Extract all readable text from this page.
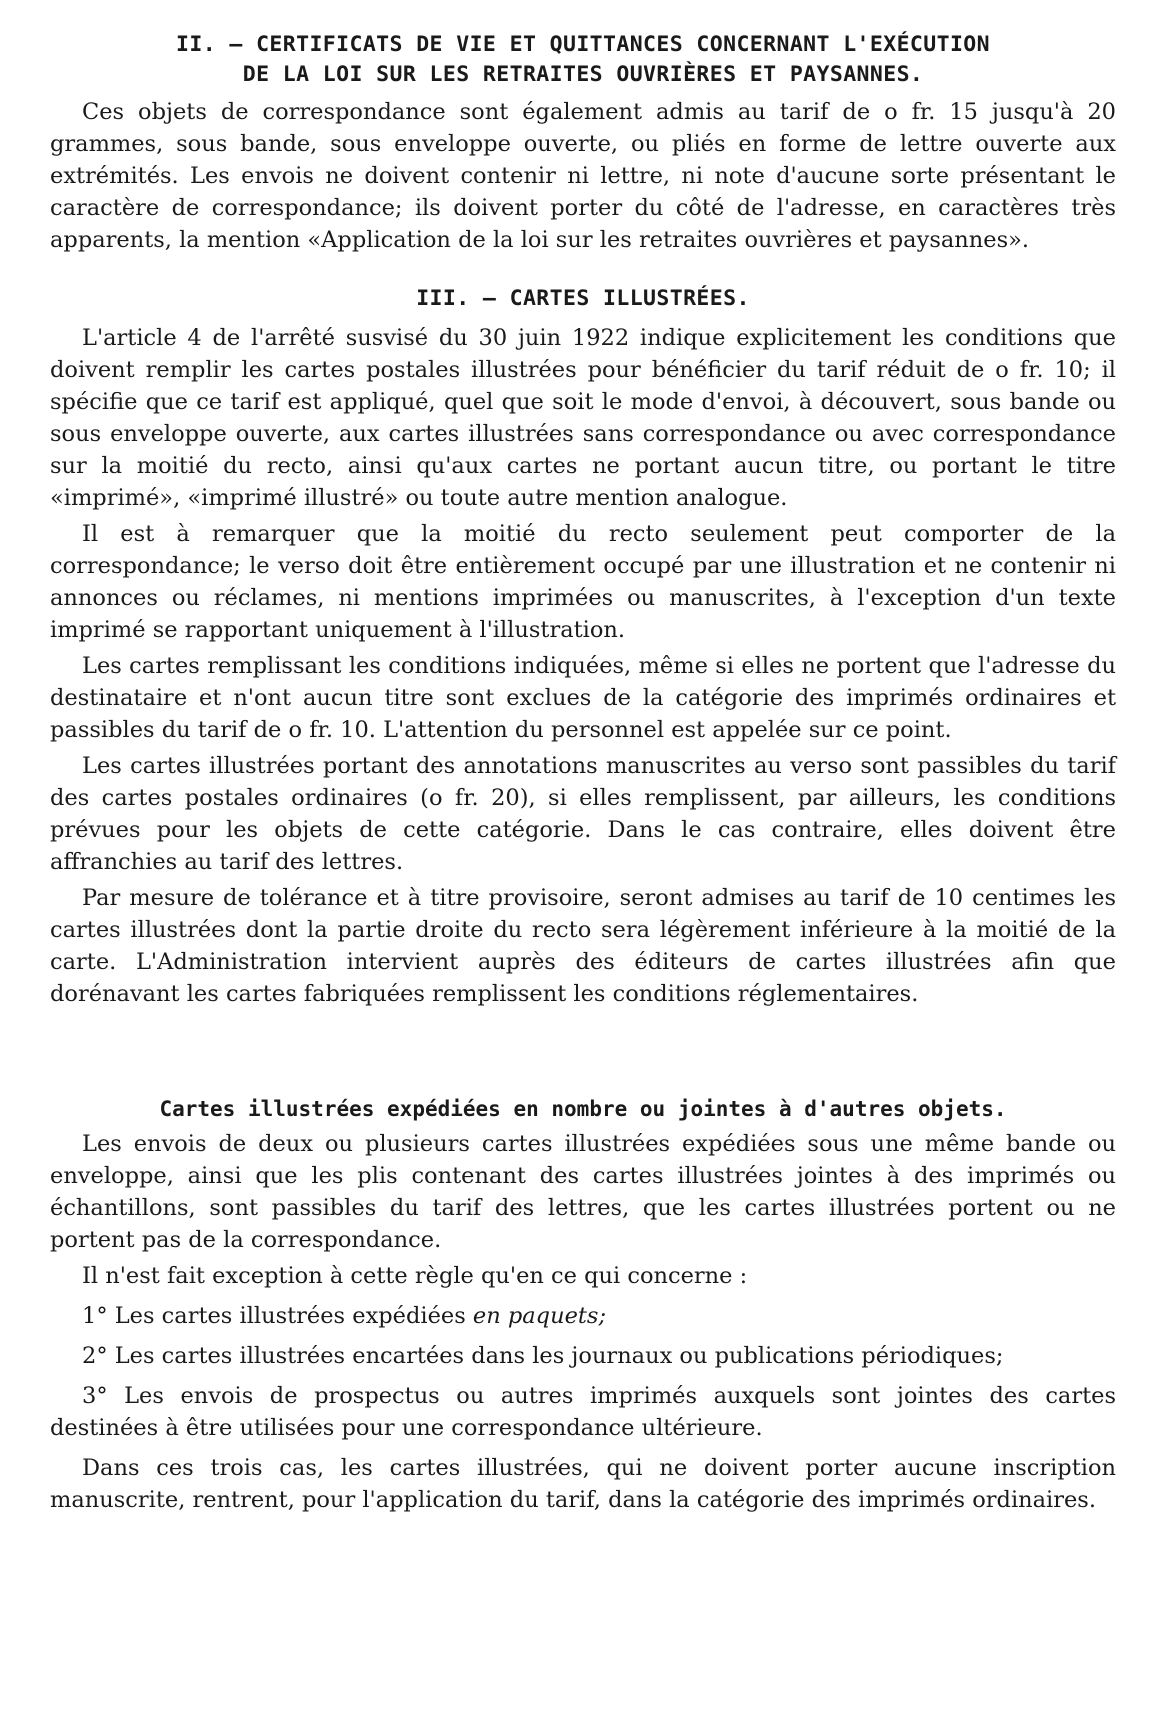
II. — CERTIFICATS DE VIE ET QUITTANCES CONCERNANT L'EXÉCUTION
DE LA LOI SUR LES RETRAITES OUVRIÈRES ET PAYSANNES.

Ces objets de correspondance sont également admis au tarif de o fr. 15 jusqu'à 20 grammes, sous bande, sous enveloppe ouverte, ou pliés en forme de lettre ouverte aux extrémités. Les envois ne doivent contenir ni lettre, ni note d'aucune sorte présentant le caractère de correspondance; ils doivent porter du côté de l'adresse, en caractères très apparents, la mention «Application de la loi sur les retraites ouvrières et paysannes».

III. — CARTES ILLUSTRÉES.

L'article 4 de l'arrêté susvisé du 30 juin 1922 indique explicitement les conditions que doivent remplir les cartes postales illustrées pour bénéficier du tarif réduit de o fr. 10; il spécifie que ce tarif est appliqué, quel que soit le mode d'envoi, à découvert, sous bande ou sous enveloppe ouverte, aux cartes illustrées sans correspondance ou avec correspondance sur la moitié du recto, ainsi qu'aux cartes ne portant aucun titre, ou portant le titre «imprimé», «imprimé illustré» ou toute autre mention analogue.

Il est à remarquer que la moitié du recto seulement peut comporter de la correspondance; le verso doit être entièrement occupé par une illustration et ne contenir ni annonces ou réclames, ni mentions imprimées ou manuscrites, à l'exception d'un texte imprimé se rapportant uniquement à l'illustration.

Les cartes remplissant les conditions indiquées, même si elles ne portent que l'adresse du destinataire et n'ont aucun titre sont exclues de la catégorie des imprimés ordinaires et passibles du tarif de o fr. 10. L'attention du personnel est appelée sur ce point.

Les cartes illustrées portant des annotations manuscrites au verso sont passibles du tarif des cartes postales ordinaires (o fr. 20), si elles remplissent, par ailleurs, les conditions prévues pour les objets de cette catégorie. Dans le cas contraire, elles doivent être affranchies au tarif des lettres.

Par mesure de tolérance et à titre provisoire, seront admises au tarif de 10 centimes les cartes illustrées dont la partie droite du recto sera légèrement inférieure à la moitié de la carte. L'Administration intervient auprès des éditeurs de cartes illustrées afin que dorénavant les cartes fabriquées remplissent les conditions réglementaires.

Cartes illustrées expédiées en nombre ou jointes à d'autres objets.

Les envois de deux ou plusieurs cartes illustrées expédiées sous une même bande ou enveloppe, ainsi que les plis contenant des cartes illustrées jointes à des imprimés ou échantillons, sont passibles du tarif des lettres, que les cartes illustrées portent ou ne portent pas de la correspondance.

Il n'est fait exception à cette règle qu'en ce qui concerne :

1° Les cartes illustrées expédiées en paquets;

2° Les cartes illustrées encartées dans les journaux ou publications périodiques;

3° Les envois de prospectus ou autres imprimés auxquels sont jointes des cartes destinées à être utilisées pour une correspondance ultérieure.

Dans ces trois cas, les cartes illustrées, qui ne doivent porter aucune inscription manuscrite, rentrent, pour l'application du tarif, dans la catégorie des imprimés ordinaires.
